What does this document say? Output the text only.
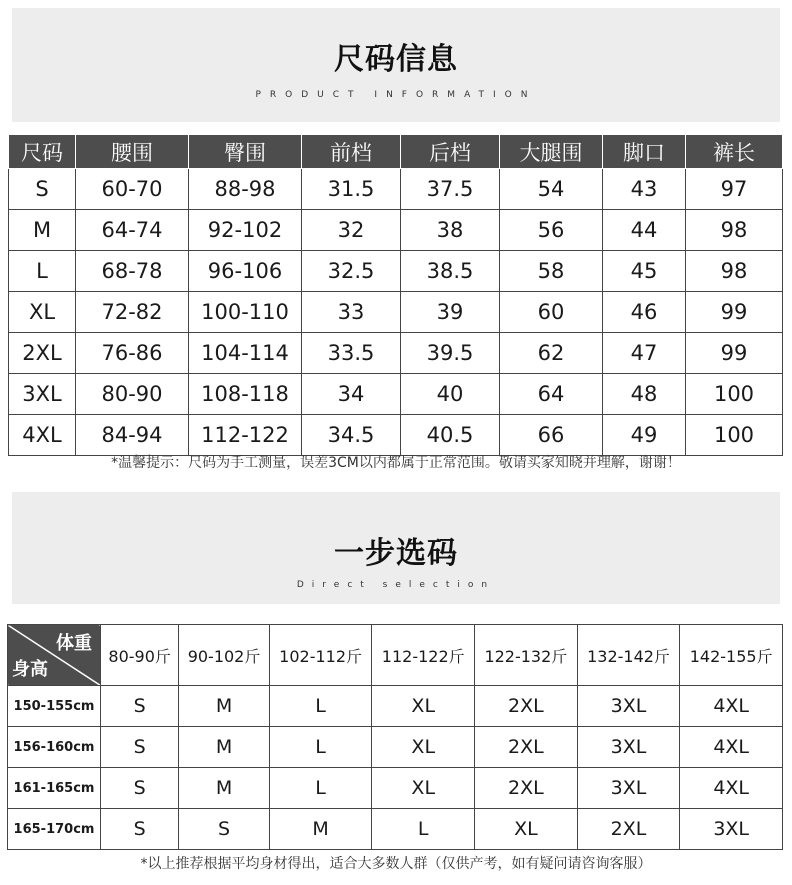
尺码信息
PRODUCT INFORMATION
尺码	腰围	臀围	前档	后档	大腿围	脚口	裤长
S	60-70	88-98	31.5	37.5	54	43	97
M	64-74	92-102	32	38	56	44	98
L	68-78	96-106	32.5	38.5	58	45	98
XL	72-82	100-110	33	39	60	46	99
2XL	76-86	104-114	33.5	39.5	62	47	99
3XL	80-90	108-118	34	40	64	48	100
4XL	84-94	112-122	34.5	40.5	66	49	100
*温馨提示：尺码为手工测量，误差3CM以内都属于正常范围。敬请买家知晓并理解，谢谢！
一步选码
Direct selection
体重
身高	80-90斤	90-102斤	102-112斤	112-122斤	122-132斤	132-142斤	142-155斤
150-155cm	S	M	L	XL	2XL	3XL	4XL
156-160cm	S	M	L	XL	2XL	3XL	4XL
161-165cm	S	M	L	XL	2XL	3XL	4XL
165-170cm	S	S	M	L	XL	2XL	3XL
*以上推荐根据平均身材得出，适合大多数人群（仅供产考，如有疑问请咨询客服）
